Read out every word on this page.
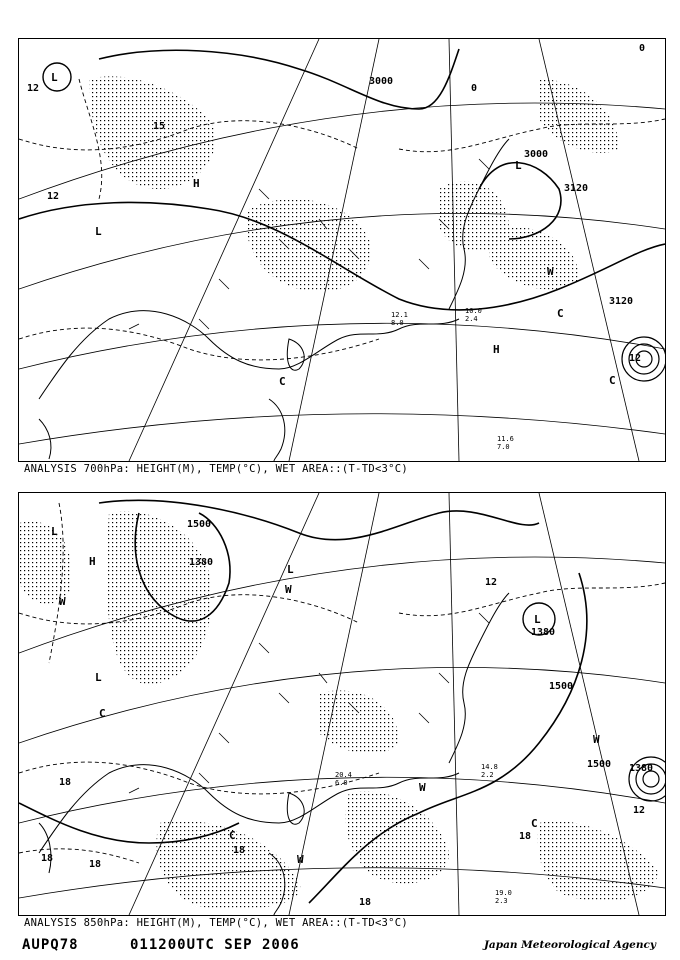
3000
3000
3120
3120
12
12
12
0
0
15
L
L
L
H
H
W
C
C	C
11.6
7.0
10.0
2.4
12.1
8.0
ANALYSIS 700hPa: HEIGHT(M), TEMP(°C), WET AREA::(T-TD<3°C)
1500
1500
1500
1380
1380
1380
12
12
18
18
18
18
18
18
L
L
L
L
H
W
W
W
W
W
C
C
C
19.0
2.3
14.8
2.2
20.4
6.0
ANALYSIS 850hPa: HEIGHT(M), TEMP(°C), WET AREA::(T-TD<3°C)
AUPQ78	011200UTC SEP 2006	Japan Meteorological Agency
